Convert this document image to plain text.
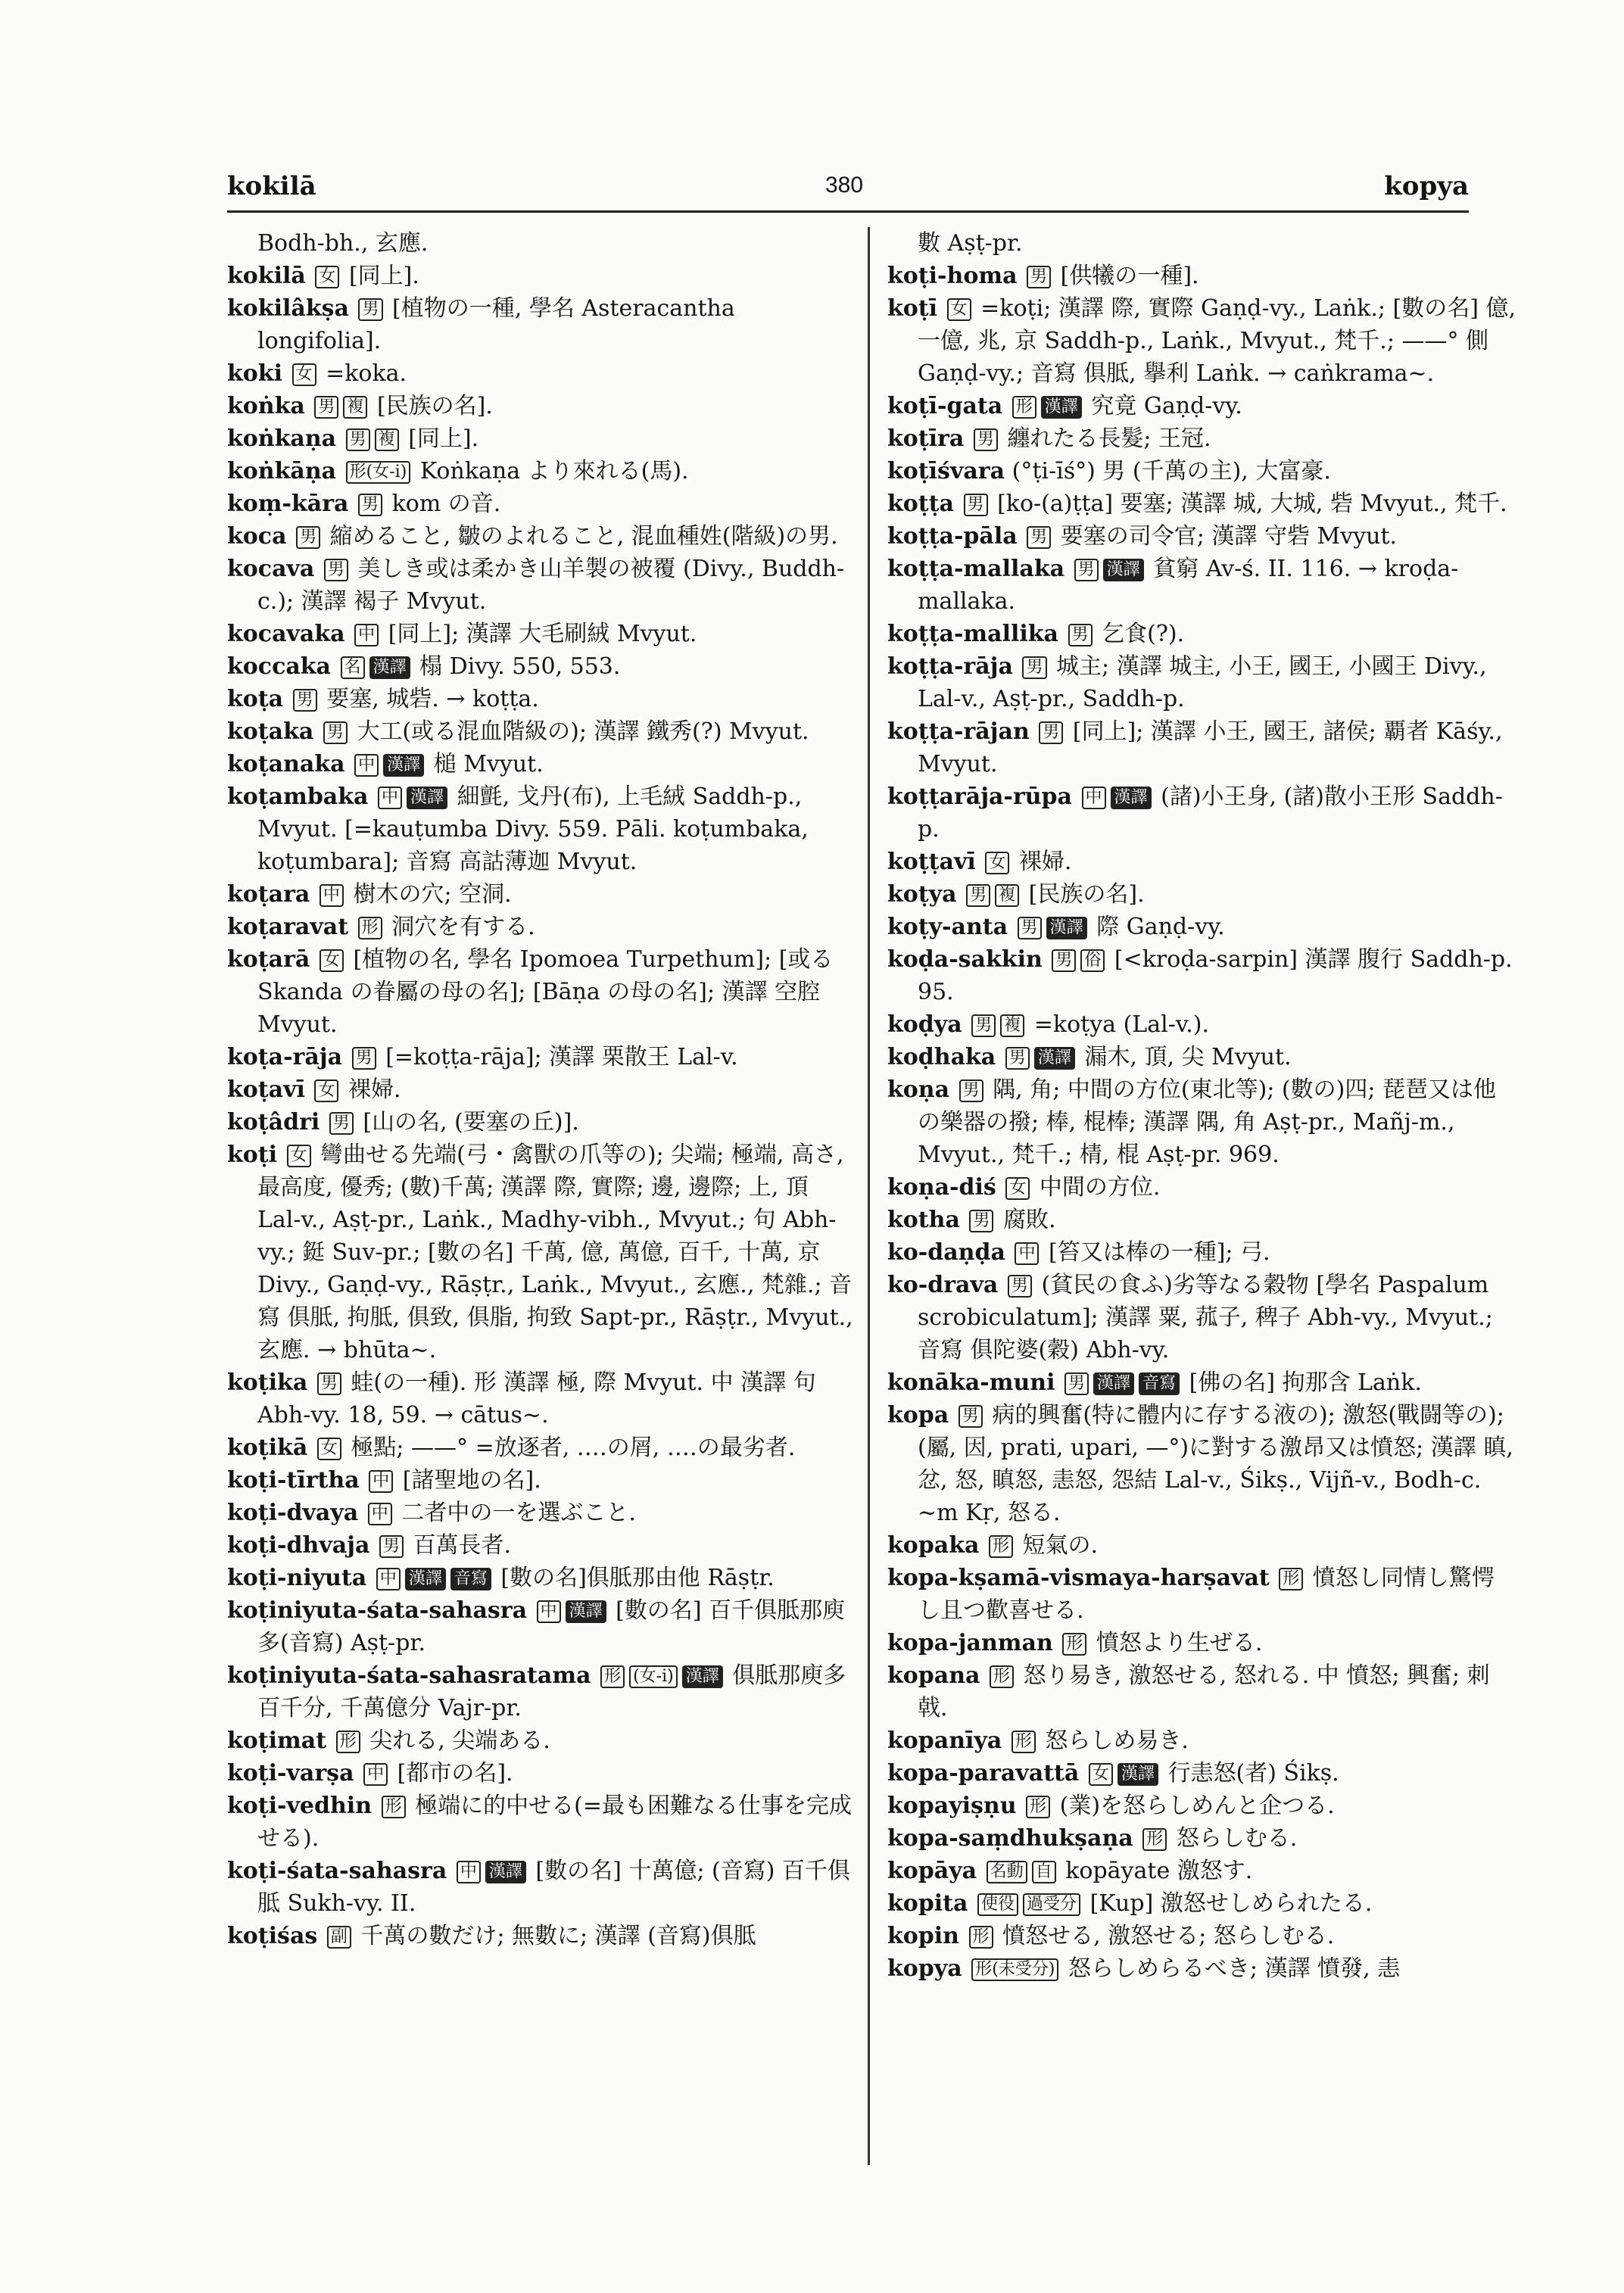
kokilā	380	kopya

Bodh-bh., 玄應.

kokilā 女 [同上].

kokilâkṣa 男 [植物の一種, 學名 Asteracantha longifolia].

koki 女 =koka.

koṅka 男 複 [民族の名].

koṅkaṇa 男 複 [同上].

koṅkāṇa 形(女-i) Koṅkaṇa より來れる(馬).

koṃ-kāra 男 kom の音.

koca 男 縮めること, 皺のよれること, 混血種姓(階級)の男.

kocava 男 美しき或は柔かき山羊製の被覆 (Divy., Buddh-c.); 漢譯 褐子 Mvyut.

kocavaka 中 [同上]; 漢譯 大毛刷絨 Mvyut.

koccaka 名 漢譯 榻 Divy. 550, 553.

koṭa 男 要塞, 城砦. → koṭṭa.

koṭaka 男 大工(或る混血階級の); 漢譯 鐵秀(?) Mvyut.

koṭanaka 中 漢譯 槌 Mvyut.

koṭambaka 中 漢譯 細氈, 戈丹(布), 上毛絨 Saddh-p., Mvyut. [=kauṭumba Divy. 559. Pāli. koṭumbaka, koṭumbara]; 音寫 高詁薄迦 Mvyut.

koṭara 中 樹木の穴; 空洞.

koṭaravat 形 洞穴を有する.

koṭarā 女 [植物の名, 學名 Ipomoea Turpethum]; [或る Skanda の眷屬の母の名]; [Bāṇa の母の名]; 漢譯 空腔 Mvyut.

koṭa-rāja 男 [=koṭṭa-rāja]; 漢譯 栗散王 Lal-v.

koṭavī 女 裸婦.

koṭâdri 男 [山の名, (要塞の丘)].

koṭi 女 彎曲せる先端(弓・禽獸の爪等の); 尖端; 極端, 高さ, 最高度, 優秀; (數)千萬; 漢譯 際, 實際; 邊, 邊際; 上, 頂 Lal-v., Aṣṭ-pr., Laṅk., Madhy-vibh., Mvyut.; 句 Abh-vy.; 鋌 Suv-pr.; [數の名] 千萬, 億, 萬億, 百千, 十萬, 京 Divy., Gaṇḍ-vy., Rāṣṭr., Laṅk., Mvyut., 玄應., 梵雜.; 音寫 俱胝, 拘胝, 俱致, 俱脂, 拘致 Sapt-pr., Rāṣṭr., Mvyut., 玄應. → bhūta~.

koṭika 男 蛙(の一種). 形 漢譯 極, 際 Mvyut. 中 漢譯 句 Abh-vy. 18, 59. → cātus~.

koṭikā 女 極點; ——° =放逐者, ‥‥の屑, ‥‥の最劣者.

koṭi-tīrtha 中 [諸聖地の名].

koṭi-dvaya 中 二者中の一を選ぶこと.

koṭi-dhvaja 男 百萬長者.

koṭi-niyuta 中 漢譯 音寫 [數の名]俱胝那由他 Rāṣṭr.

koṭiniyuta-śata-sahasra 中 漢譯 [數の名] 百千俱胝那庾多(音寫) Aṣṭ-pr.

koṭiniyuta-śata-sahasratama 形 (女-i) 漢譯 俱胝那庾多百千分, 千萬億分 Vajr-pr.

koṭimat 形 尖れる, 尖端ある.

koṭi-varṣa 中 [都市の名].

koṭi-vedhin 形 極端に的中せる(=最も困難なる仕事を完成せる).

koṭi-śata-sahasra 中 漢譯 [數の名] 十萬億; (音寫) 百千俱胝 Sukh-vy. II.

koṭiśas 副 千萬の數だけ; 無數に; 漢譯 (音寫)俱胝

數 Aṣṭ-pr.

koṭi-homa 男 [供犧の一種].

koṭī 女 =koṭi; 漢譯 際, 實際 Gaṇḍ-vy., Laṅk.; [數の名] 億, 一億, 兆, 京 Saddh-p., Laṅk., Mvyut., 梵千.; ——° 側 Gaṇḍ-vy.; 音寫 俱胝, 擧利 Laṅk. → caṅkrama~.

koṭī-gata 形 漢譯 究竟 Gaṇḍ-vy.

koṭīra 男 纏れたる長髮; 王冠.

koṭīśvara (°ṭi-īś°) 男 (千萬の主), 大富豪.

koṭṭa 男 [ko-(a)ṭṭa] 要塞; 漢譯 城, 大城, 砦 Mvyut., 梵千.

koṭṭa-pāla 男 要塞の司令官; 漢譯 守砦 Mvyut.

koṭṭa-mallaka 男 漢譯 貧窮 Av-ś. II. 116. → kroḍa-mallaka.

koṭṭa-mallika 男 乞食(?).

koṭṭa-rāja 男 城主; 漢譯 城主, 小王, 國王, 小國王 Divy., Lal-v., Aṣṭ-pr., Saddh-p.

koṭṭa-rājan 男 [同上]; 漢譯 小王, 國王, 諸侯; 覇者 Kāśy., Mvyut.

koṭṭarāja-rūpa 中 漢譯 (諸)小王身, (諸)散小王形 Saddh-p.

koṭṭavī 女 裸婦.

koṭya 男 複 [民族の名].

koṭy-anta 男 漢譯 際 Gaṇḍ-vy.

koḍa-sakkin 男 俗 [<kroḍa-sarpin] 漢譯 腹行 Saddh-p. 95.

koḍya 男 複 =koṭya (Lal-v.).

koḍhaka 男 漢譯 漏木, 頂, 尖 Mvyut.

koṇa 男 隅, 角; 中間の方位(東北等); (數の)四; 琵琶又は他の樂器の撥; 棒, 棍棒; 漢譯 隅, 角 Aṣṭ-pr., Mañj-m., Mvyut., 梵千.; 棈, 棍 Aṣṭ-pr. 969.

koṇa-diś 女 中間の方位.

kotha 男 腐敗.

ko-daṇḍa 中 [笞又は棒の一種]; 弓.

ko-drava 男 (貧民の食ふ)劣等なる穀物 [學名 Paspalum scrobiculatum]; 漢譯 粟, 菰子, 稗子 Abh-vy., Mvyut.; 音寫 俱陀婆(穀) Abh-vy.

konāka-muni 男 漢譯 音寫 [佛の名] 拘那含 Laṅk.

kopa 男 病的興奮(特に體内に存する液の); 激怒(戰闘等の); (屬, 因, prati, upari, —°)に對する激昂又は憤怒; 漢譯 瞋, 忿, 怒, 瞋怒, 恚怒, 怨結 Lal-v., Śikṣ., Vijñ-v., Bodh-c. ~m Kṛ, 怒る.

kopaka 形 短氣の.

kopa-kṣamā-vismaya-harṣavat 形 憤怒し同情し驚愕し且つ歡喜せる.

kopa-janman 形 憤怒より生ぜる.

kopana 形 怒り易き, 激怒せる, 怒れる. 中 憤怒; 興奮; 刺戟.

kopanīya 形 怒らしめ易き.

kopa-paravattā 女 漢譯 行恚怒(者) Śikṣ.

kopayiṣṇu 形 (業)を怒らしめんと企つる.

kopa-saṃdhukṣaṇa 形 怒らしむる.

kopāya 名動 自 kopāyate 激怒す.

kopita 使役 過受分 [Kup] 激怒せしめられたる.

kopin 形 憤怒せる, 激怒せる; 怒らしむる.

kopya 形(未受分) 怒らしめらるべき; 漢譯 憤發, 恚
